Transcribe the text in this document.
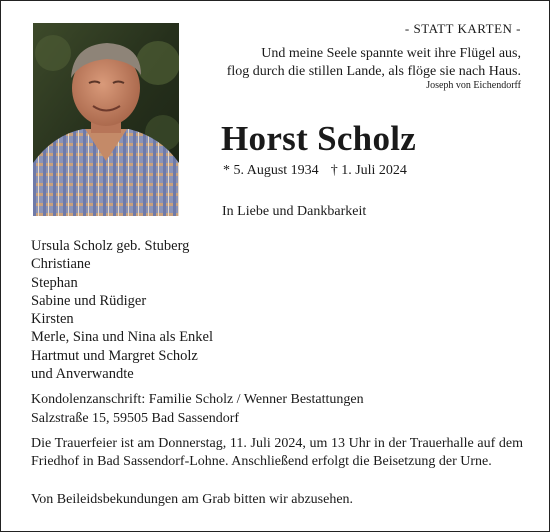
- STATT KARTEN -
Und meine Seele spannte weit ihre Flügel aus,
flog durch die stillen Lande, als flöge sie nach Haus.
Joseph von Eichendorff
Horst Scholz
* 5. August 1934 † 1. Juli 2024
In Liebe und Dankbarkeit
Ursula Scholz geb. Stuberg
Christiane
Stephan
Sabine und Rüdiger
Kirsten
Merle, Sina und Nina als Enkel
Hartmut und Margret Scholz
und Anverwandte
Kondolenzanschrift: Familie Scholz / Wenner Bestattungen
Salzstraße 15, 59505 Bad Sassendorf
Die Trauerfeier ist am Donnerstag, 11. Juli 2024, um 13 Uhr in der Trauerhalle auf dem Friedhof in Bad Sassendorf-Lohne. Anschließend erfolgt die Beisetzung der Urne.
Von Beileidsbekundungen am Grab bitten wir abzusehen.
